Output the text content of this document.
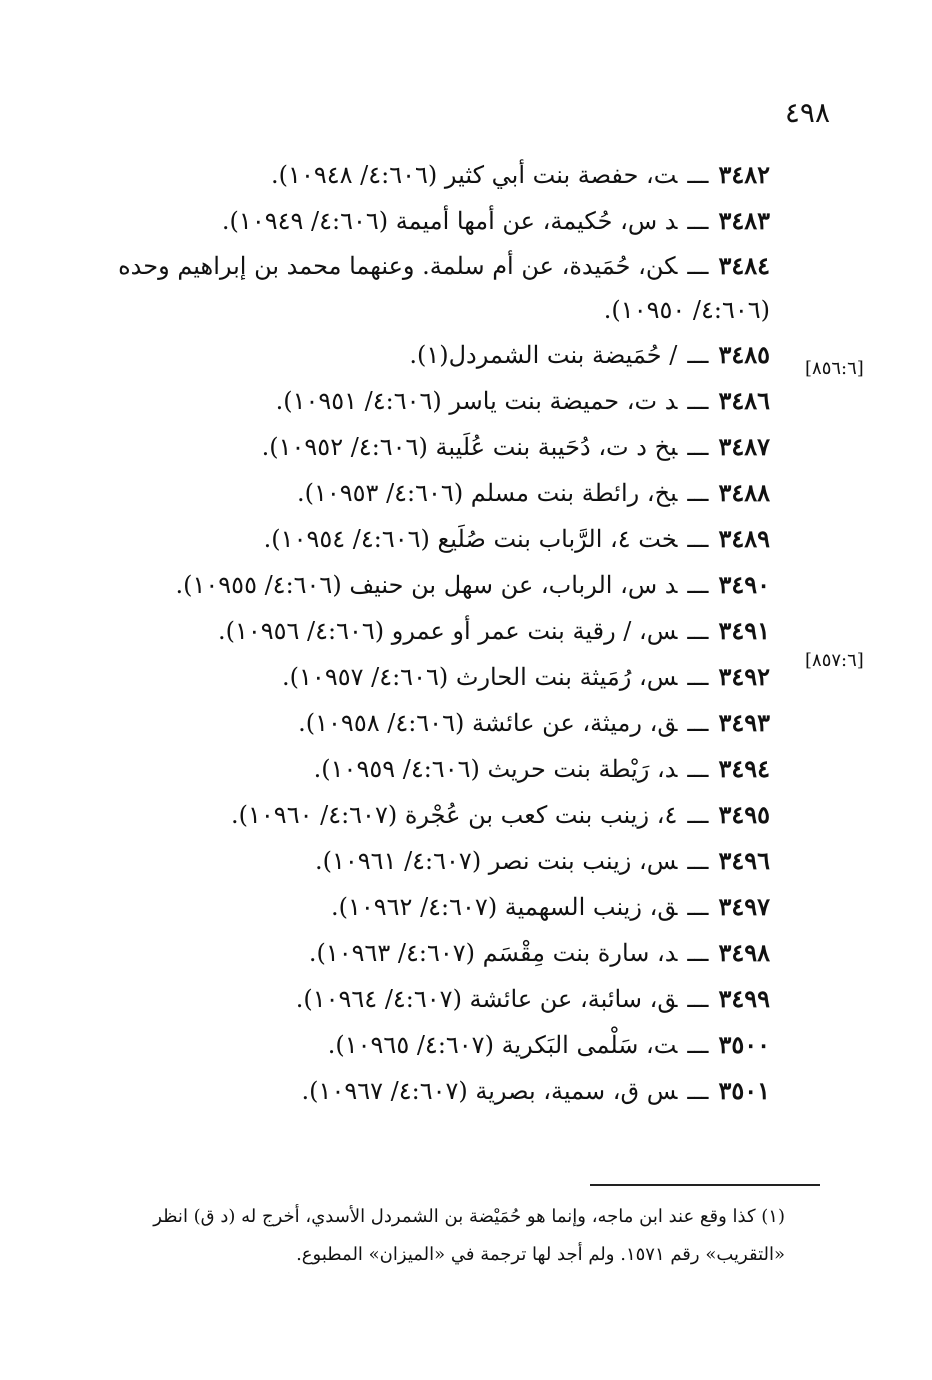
٤٩٨

٣٤٨٢ـــت، حفصة بنت أبي كثير (٤:٦٠٦/ ١٠٩٤٨).

٣٤٨٣ـــد س، حُكيمة، عن أمها أميمة (٤:٦٠٦/ ١٠٩٤٩).

٣٤٨٤ـــكن، حُمَيدة، عن أم سلمة. وعنهما محمد بن إبراهيم وحده (٤:٦٠٦/ ١٠٩٥٠).

٣٤٨٥ـــ/ حُمَيضة بنت الشمردل(١).

٣٤٨٦ـــد ت، حميضة بنت ياسر (٤:٦٠٦/ ١٠٩٥١).

٣٤٨٧ـــبخ د ت، دُحَيبة بنت عُلَيبة (٤:٦٠٦/ ١٠٩٥٢).

٣٤٨٨ـــبخ، رائطة بنت مسلم (٤:٦٠٦/ ١٠٩٥٣).

٣٤٨٩ـــخت ٤، الرَّباب بنت صُلَيع (٤:٦٠٦/ ١٠٩٥٤).

٣٤٩٠ـــد س، الرباب، عن سهل بن حنيف (٤:٦٠٦/ ١٠٩٥٥).

٣٤٩١ـــس، / رقية بنت عمر أو عمرو (٤:٦٠٦/ ١٠٩٥٦).

٣٤٩٢ـــس، رُمَيثة بنت الحارث (٤:٦٠٦/ ١٠٩٥٧).

٣٤٩٣ـــق، رميثة، عن عائشة (٤:٦٠٦/ ١٠٩٥٨).

٣٤٩٤ـــد، رَيْطة بنت حريث (٤:٦٠٦/ ١٠٩٥٩).

٣٤٩٥ـــ٤، زينب بنت كعب بن عُجْرة (٤:٦٠٧/ ١٠٩٦٠).

٣٤٩٦ـــس، زينب بنت نصر (٤:٦٠٧/ ١٠٩٦١).

٣٤٩٧ـــق، زينب السهمية (٤:٦٠٧/ ١٠٩٦٢).

٣٤٩٨ـــد، سارة بنت مِقْسَم (٤:٦٠٧/ ١٠٩٦٣).

٣٤٩٩ـــق، سائبة، عن عائشة (٤:٦٠٧/ ١٠٩٦٤).

٣٥٠٠ـــت، سَلْمى البَكرية (٤:٦٠٧/ ١٠٩٦٥).

٣٥٠١ـــس ق، سمية، بصرية (٤:٦٠٧/ ١٠٩٦٧).

[٨٥٦:٦]
[٨٥٧:٦]
(١) كذا وقع عند ابن ماجه، وإنما هو حُمَيْضة بن الشمردل الأسدي، أخرج له (د ق) انظر «التقريب» رقم ١٥٧١. ولم أجد لها ترجمة في «الميزان» المطبوع.
